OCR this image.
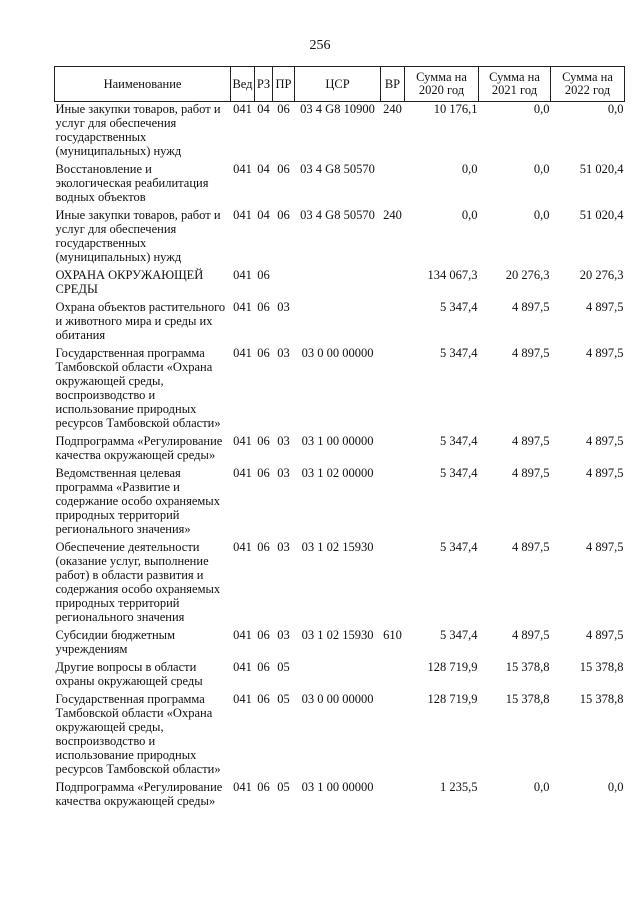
256
Наименование	Вед	РЗ	ПР	ЦСР	ВР	Сумма на 2020 год	Сумма на 2021 год	Сумма на 2022 год
Иные закупки товаров, работ и услуг для обеспечения государственных (муниципальных) нужд	041	04	06	03 4 G8 10900	240	10 176,1	0,0	0,0

Восстановление и экологическая реабилитация водных объектов	041	04	06	03 4 G8 50570		0,0	0,0	51 020,4

Иные закупки товаров, работ и услуг для обеспечения государственных (муниципальных) нужд	041	04	06	03 4 G8 50570	240	0,0	0,0	51 020,4

ОХРАНА ОКРУЖАЮЩЕЙ СРЕДЫ	041	06				134 067,3	20 276,3	20 276,3

Охрана объектов растительного и животного мира и среды их обитания	041	06	03			5 347,4	4 897,5	4 897,5

Государственная программа Тамбовской области «Охрана окружающей среды, воспроизводство и использование природных ресурсов Тамбовской области»	041	06	03	03 0 00 00000		5 347,4	4 897,5	4 897,5

Подпрограмма «Регулирование качества окружающей среды»	041	06	03	03 1 00 00000		5 347,4	4 897,5	4 897,5

Ведомственная целевая программа «Развитие и содержание особо охраняемых природных территорий регионального значения»	041	06	03	03 1 02 00000		5 347,4	4 897,5	4 897,5

Обеспечение деятельности (оказание услуг, выполнение работ) в области развития и содержания особо охраняемых природных территорий регионального значения	041	06	03	03 1 02 15930		5 347,4	4 897,5	4 897,5

Субсидии бюджетным учреждениям	041	06	03	03 1 02 15930	610	5 347,4	4 897,5	4 897,5

Другие вопросы в области охраны окружающей среды	041	06	05			128 719,9	15 378,8	15 378,8

Государственная программа Тамбовской области «Охрана окружающей среды, воспроизводство и использование природных ресурсов Тамбовской области»	041	06	05	03 0 00 00000		128 719,9	15 378,8	15 378,8

Подпрограмма «Регулирование качества окружающей среды»	041	06	05	03 1 00 00000		1 235,5	0,0	0,0
